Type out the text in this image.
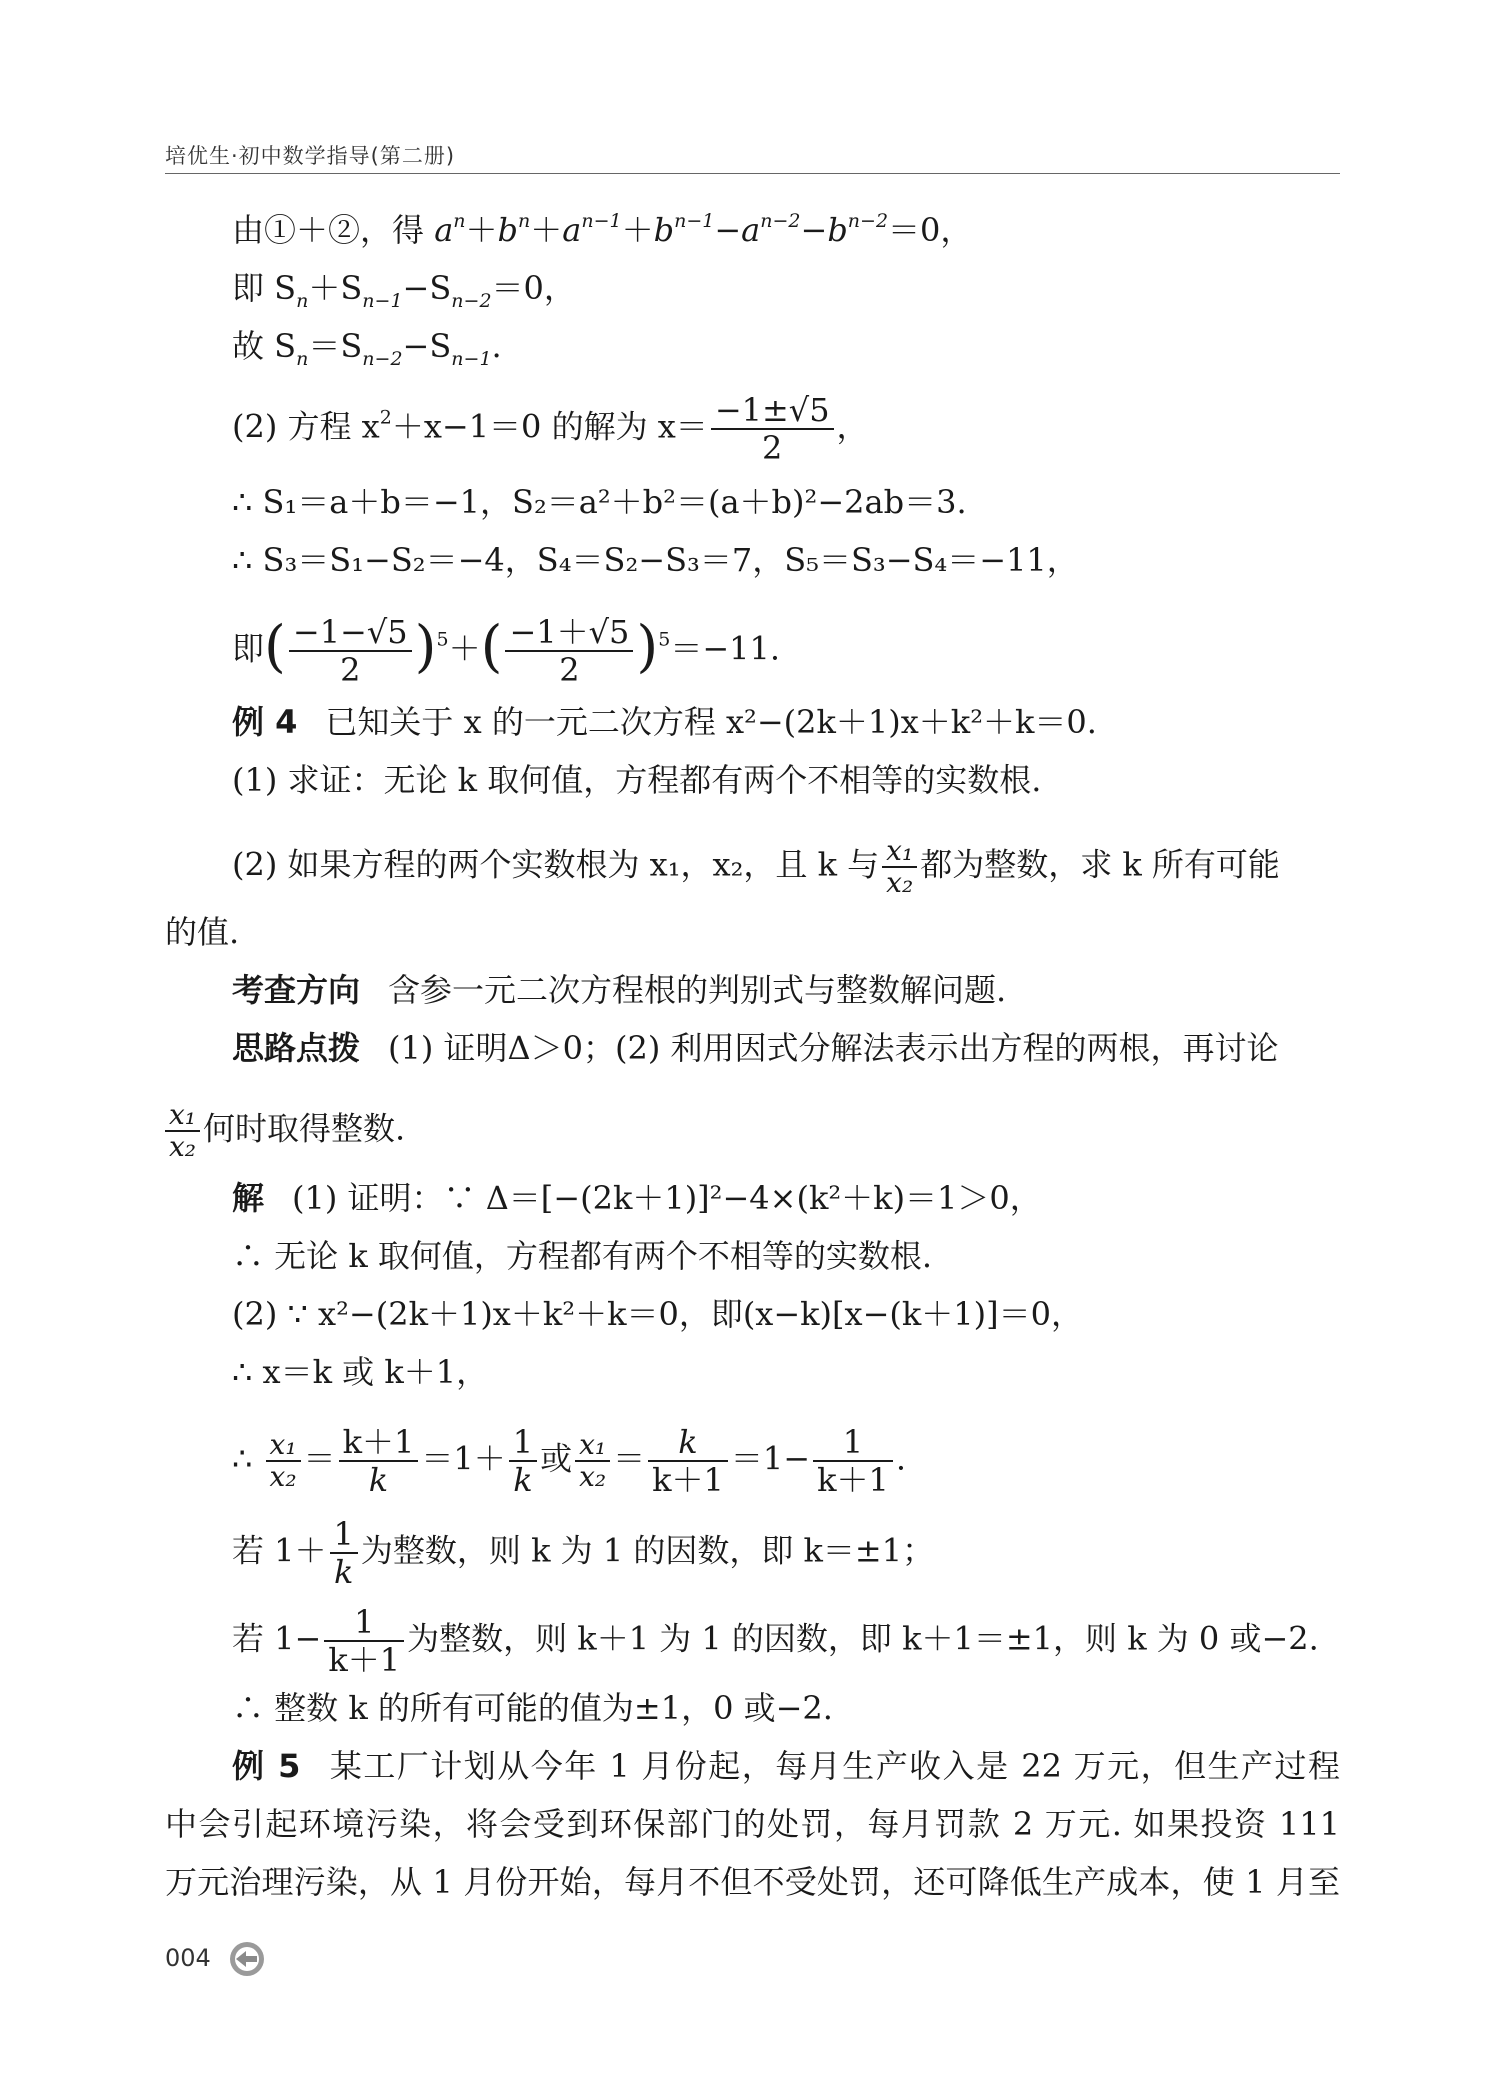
培优生·初中数学指导(第二册)
由①＋②，得 $a^n+b^n+a^{n-1}+b^{n-1}-a^{n-2}-b^{n-2}=0$，
即 $S_n+S_{n-1}-S_{n-2}=0$，
故 $S_n=S_{n-2}-S_{n-1}$.
(2) 方程 $x^2+x-1=0$ 的解为 $x= \frac{-1\pm√5}{2}$ ，
∴ S₁＝a＋b＝−1，S₂＝a²＋b²＝(a＋b)²−2ab＝3.
∴ S₃＝S₁−S₂＝−4，S₄＝S₂−S₃＝7，S₅＝S₃−S₄＝−11，
即( $\frac{-1-√5}{2} )^5+( \frac{-1+√5}{2} )^5=-11$.
例 4 已知关于 x 的一元二次方程 x²−(2k＋1)x＋k²＋k＝0.
(1) 求证：无论 k 取何值，方程都有两个不相等的实数根.
(2) 如果方程的两个实数根为 x₁，x₂，且 k 与 $\frac{\text{x₁}}{\text{x₂}}$ 都为整数，求 k 所有可能
的值.
考查方向 含参一元二次方程根的判别式与整数解问题.
思路点拨 (1) 证明Δ＞0；(2) 利用因式分解法表示出方程的两根，再讨论
$\frac{\text{x₁}}{\text{x₂}}$ 何时取得整数.
解 (1) 证明：∵ Δ＝[−(2k＋1)]²−4×(k²＋k)＝1＞0，
∴ 无论 k 取何值，方程都有两个不相等的实数根.
(2) ∵ x²−(2k＋1)x＋k²＋k＝0，即(x−k)[x−(k＋1)]＝0，
∴ x＝k 或 k＋1，
∴ $\frac{\text{x₁}}{\text{x₂}} = \frac{k+1}{k} =1+ \frac{1}{k}$ 或 $\frac{\text{x₁}}{\text{x₂}} = \frac{k}{k+1} =1- \frac{1}{k+1}$ .
若 $1+ \frac{1}{k}$ 为整数，则 k 为 1 的因数，即 k＝±1；
若 $1- \frac{1}{k+1}$ 为整数，则 k＋1 为 1 的因数，即 k＋1＝±1，则 k 为 0 或−2.
∴ 整数 k 的所有可能的值为±1，0 或−2.
例 5 某工厂计划从今年 1 月份起，每月生产收入是 22 万元，但生产过程
中会引起环境污染，将会受到环保部门的处罚，每月罚款 2 万元. 如果投资 111
万元治理污染，从 1 月份开始，每月不但不受处罚，还可降低生产成本，使 1 月至
004
